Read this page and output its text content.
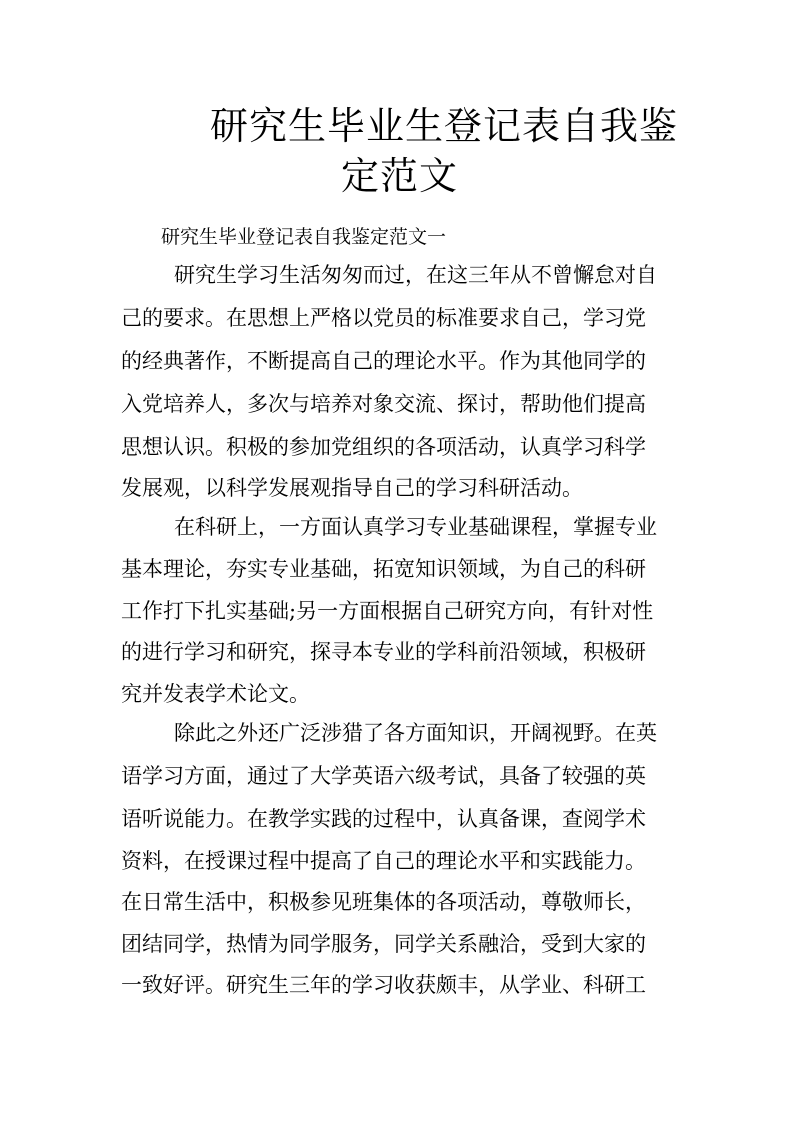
研究生毕业生登记表自我鉴
定范文

研究生毕业登记表自我鉴定范文一

研究生学习生活匆匆而过，在这三年从不曾懈怠对自

己的要求。在思想上严格以党员的标准要求自己，学习党

的经典著作，不断提高自己的理论水平。作为其他同学的

入党培养人，多次与培养对象交流、探讨，帮助他们提高

思想认识。积极的参加党组织的各项活动，认真学习科学

发展观，以科学发展观指导自己的学习科研活动。

在科研上，一方面认真学习专业基础课程，掌握专业

基本理论，夯实专业基础，拓宽知识领域，为自己的科研

工作打下扎实基础;另一方面根据自己研究方向，有针对性

的进行学习和研究，探寻本专业的学科前沿领域，积极研

究并发表学术论文。

除此之外还广泛涉猎了各方面知识，开阔视野。在英

语学习方面，通过了大学英语六级考试，具备了较强的英

语听说能力。在教学实践的过程中，认真备课，查阅学术

资料，在授课过程中提高了自己的理论水平和实践能力。

在日常生活中，积极参见班集体的各项活动，尊敬师长，

团结同学，热情为同学服务，同学关系融洽，受到大家的

一致好评。研究生三年的学习收获颇丰，从学业、科研工
